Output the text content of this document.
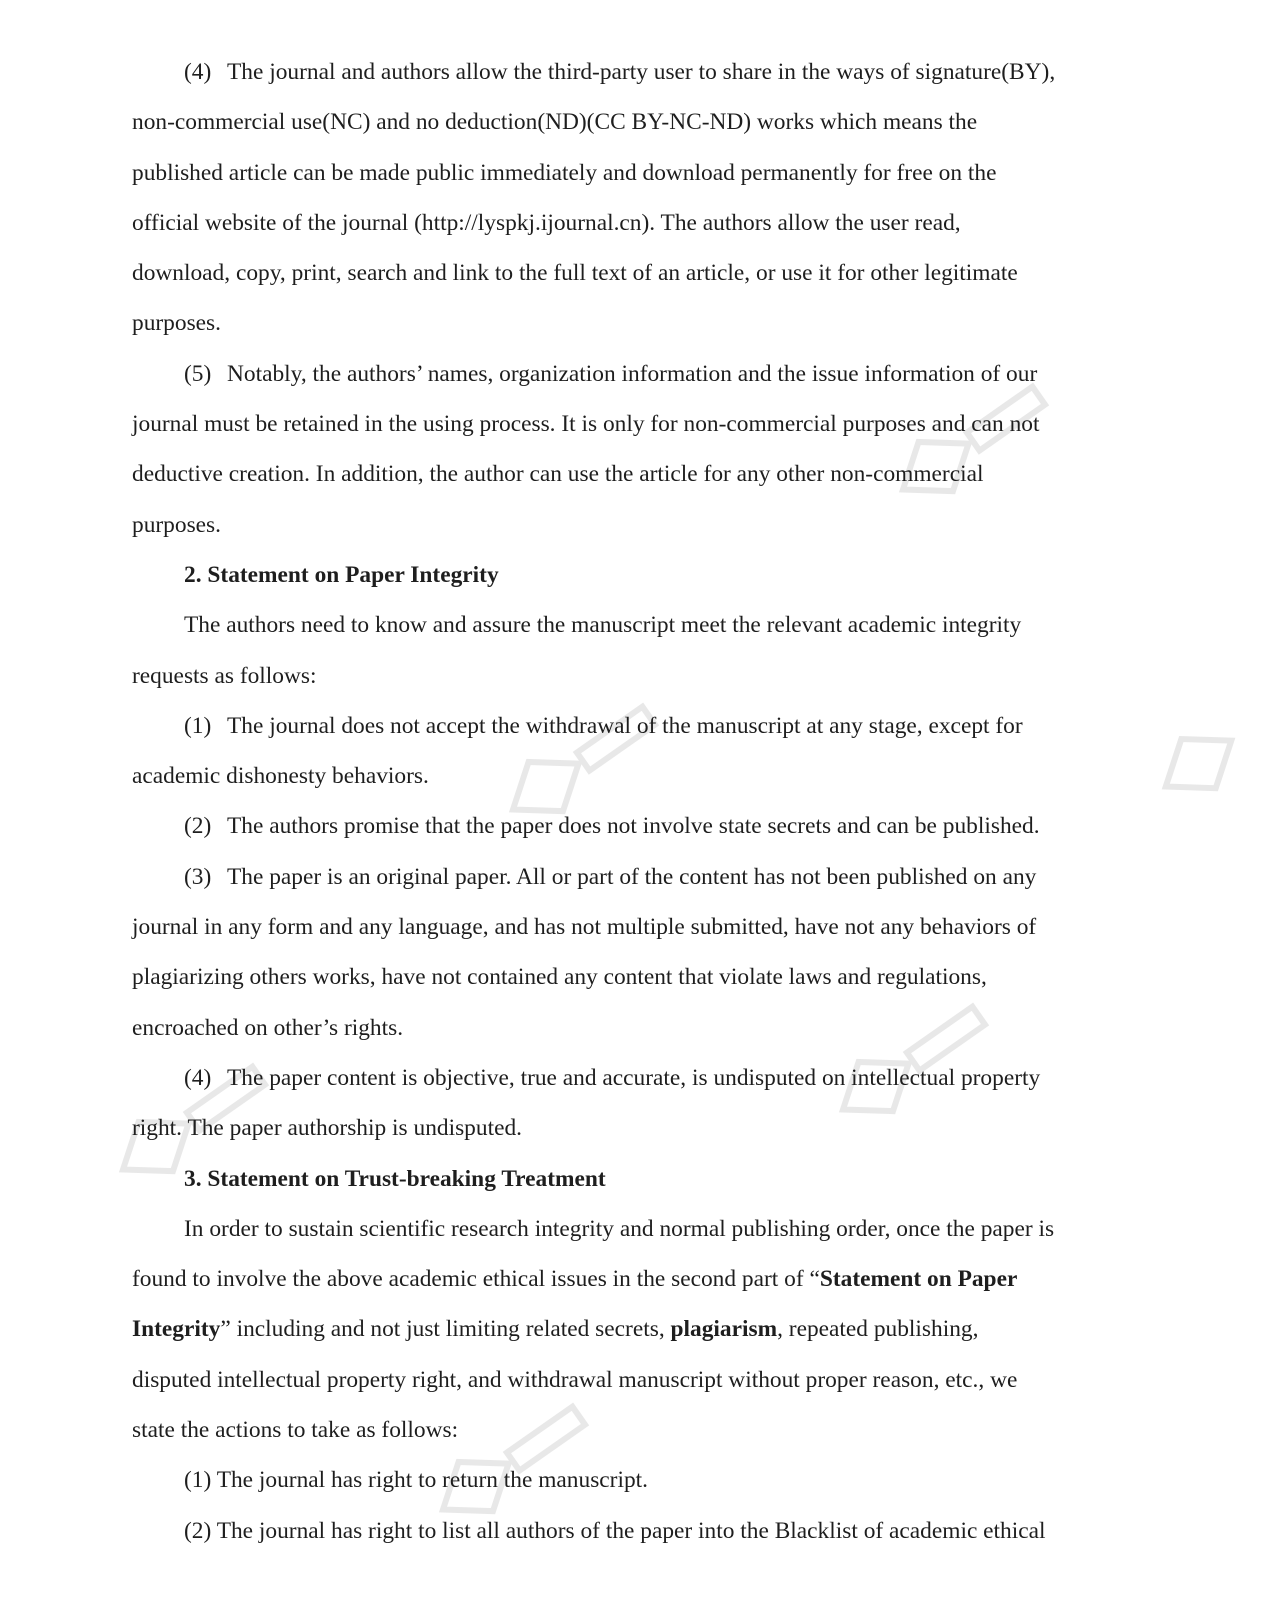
(4) The journal and authors allow the third-party user to share in the ways of signature(BY),
non-commercial use(NC) and no deduction(ND)(CC BY-NC-ND) works which means the
published article can be made public immediately and download permanently for free on the
official website of the journal (http://lyspkj.ijournal.cn). The authors allow the user read,
download, copy, print, search and link to the full text of an article, or use it for other legitimate
purposes.
(5) Notably, the authors’ names, organization information and the issue information of our
journal must be retained in the using process. It is only for non-commercial purposes and can not
deductive creation. In addition, the author can use the article for any other non-commercial
purposes.
2. Statement on Paper Integrity
The authors need to know and assure the manuscript meet the relevant academic integrity
requests as follows:
(1) The journal does not accept the withdrawal of the manuscript at any stage, except for
academic dishonesty behaviors.
(2) The authors promise that the paper does not involve state secrets and can be published.
(3) The paper is an original paper. All or part of the content has not been published on any
journal in any form and any language, and has not multiple submitted, have not any behaviors of
plagiarizing others works, have not contained any content that violate laws and regulations,
encroached on other’s rights.
(4) The paper content is objective, true and accurate, is undisputed on intellectual property
right. The paper authorship is undisputed.
3. Statement on Trust-breaking Treatment
In order to sustain scientific research integrity and normal publishing order, once the paper is
found to involve the above academic ethical issues in the second part of “Statement on Paper
Integrity” including and not just limiting related secrets, plagiarism, repeated publishing,
disputed intellectual property right, and withdrawal manuscript without proper reason, etc., we
state the actions to take as follows:
(1) The journal has right to return the manuscript.
(2) The journal has right to list all authors of the paper into the Blacklist of academic ethical
